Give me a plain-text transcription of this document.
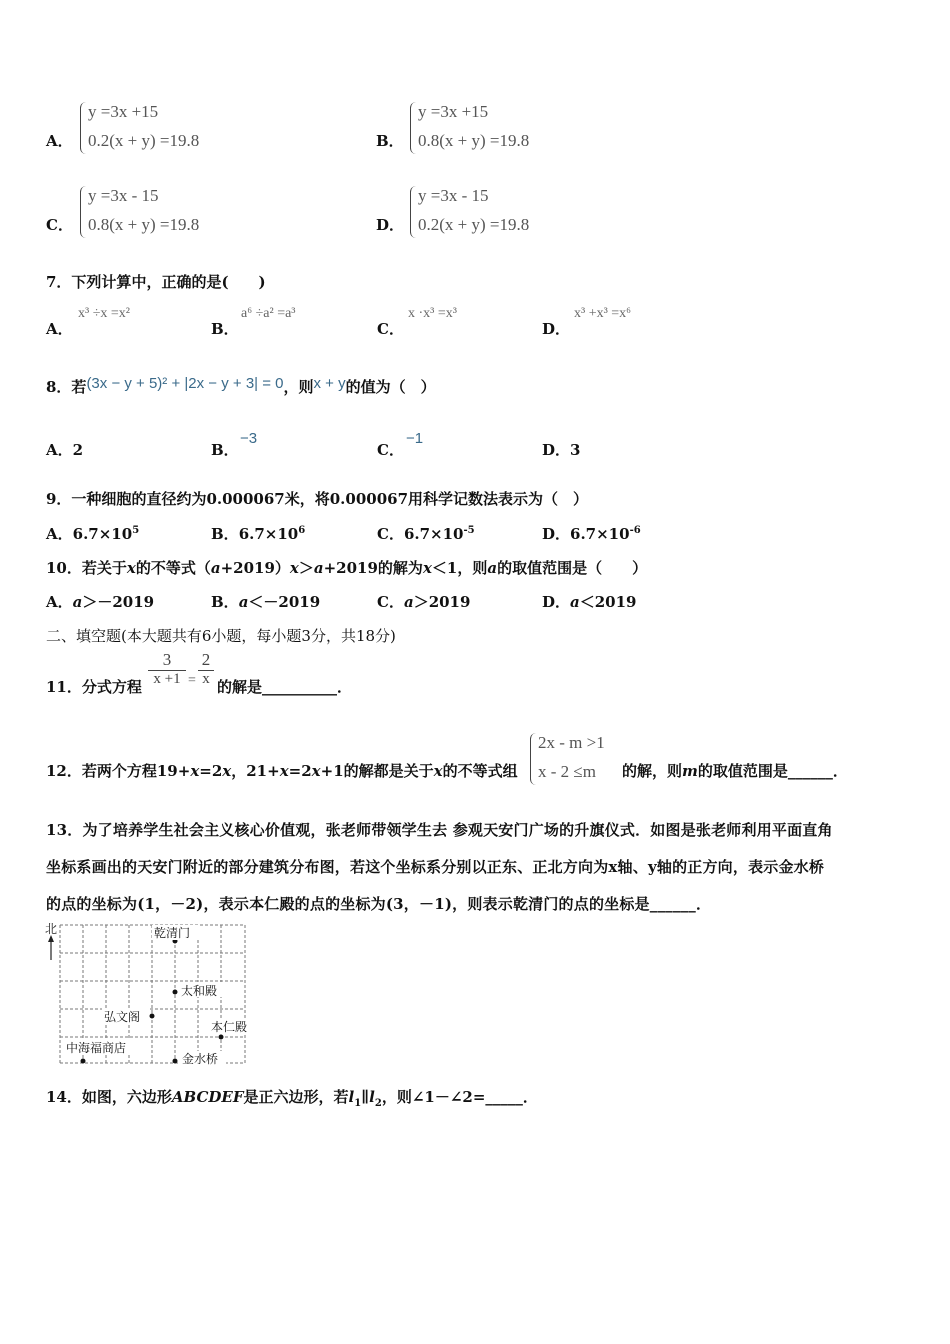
A．
y =3x +15
0.2(x + y) =19.8	B．
y =3x +15
0.8(x + y) =19.8
C．
y =3x - 15
0.8(x + y) =19.8	D．
y =3x - 15
0.2(x + y) =19.8
7．下列计算中，正确的是(　　)
A．
x³ ÷x =x²
B．
a⁶ ÷a² =a³
C．
x ·x³ =x³
D．
x³ +x³ =x⁶
8．若(3x − y + 5)² + |2x − y + 3| = 0，则x + y的值为（　）
A．2	B．
−3
C．
−1
D．3
9．一种细胞的直径约为0.000067米，将0.000067用科学记数法表示为（　）
A．$6.7\times 10^5$	B．$6.7\times 10^6$	C．$6.7\times 10^{-5}$	D．$6.7\times 10^{-6}$
10．若关于x的不等式（a+2019）x＞a+2019的解为x＜1，则a的取值范围是（　　）
A．a＞－2019	B．a＜－2019	C．a＞2019	D．a＜2019
二、填空题(本大题共有6小题，每小题3分，共18分)
11．分式方程 $\frac{3}{x +1} = \frac{2}{x}$ 的解是__________．
12．若两个方程19+x=2x，21+x=2x+1的解都是关于x的不等式组
2x - m >1
x - 2 ≤m 的解，则m的取值范围是______．
13．为了培养学生社会主义核心价值观，张老师带领学生去 参观天安门广场的升旗仪式．如图是张老师利用平面直角
坐标系画出的天安门附近的部分建筑分布图，若这个坐标系分别以正东、正北方向为x轴、y轴的正方向，表示金水桥
的点的坐标为(1，－2)，表示本仁殿的点的坐标为(3，－1)，则表示乾清门的点的坐标是______．
北	乾清门
太和殿
弘文阁
本仁殿
中海福商店
金水桥
14．如图，六边形ABCDEF是正六边形，若$l_1\parallel l_2$，则∠1－∠2=_____．
